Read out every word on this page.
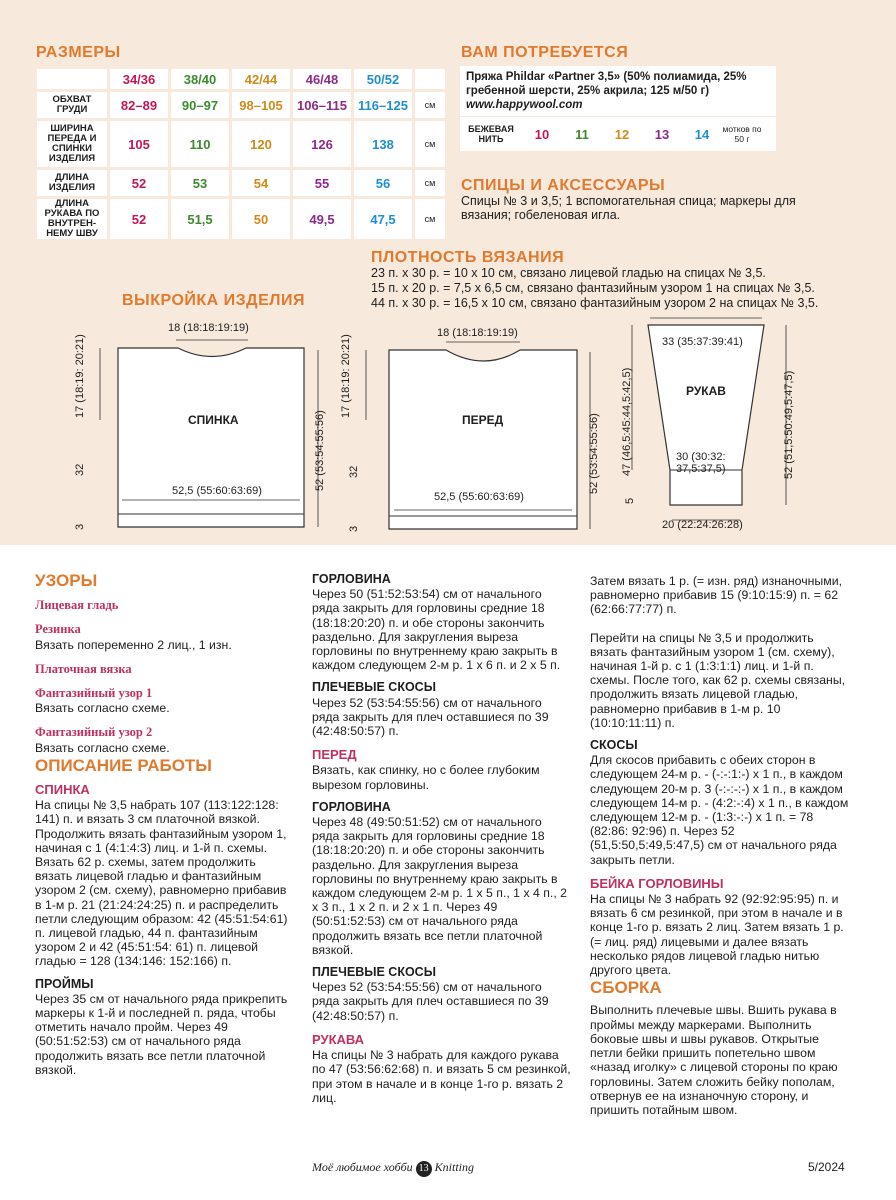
РАЗМЕРЫ
	34/36	38/40	42/44	46/48	50/52	
ОБХВАТ ГРУДИ	82–89	90–97	98–105	106–115	116–125	см
ШИРИНА ПЕРЕДА И СПИНКИ ИЗДЕЛИЯ	105	110	120	126	138	см
ДЛИНА ИЗДЕЛИЯ	52	53	54	55	56	см
ДЛИНА РУКАВА ПО ВНУТРЕН-НЕМУ ШВУ	52	51,5	50	49,5	47,5	см
ВАМ ПОТРЕБУЕТСЯ
Пряжа Phildar «Partner 3,5» (50% полиамида, 25% гребенной шерсти, 25% акрила; 125 м/50 г)
www.happywool.com
БЕЖЕВАЯ НИТЬ	10	11	12	13	14	мотков по 50 г
СПИЦЫ И АКСЕССУАРЫ
Спицы № 3 и 3,5; 1 вспомогательная спица; маркеры для вязания; гобеленовая игла.
ПЛОТНОСТЬ ВЯЗАНИЯ
23 п. х 30 р. = 10 х 10 см, связано лицевой гладью на спицах № 3,5.
15 п. х 20 р. = 7,5 х 6,5 см, связано фантазийным узором 1 на спицах № 3,5.
44 п. х 30 р. = 16,5 х 10 см, связано фантазийным узором 2 на спицах № 3,5.
ВЫКРОЙКА ИЗДЕЛИЯ
18 (18:18:19:19)
СПИНКА
52,5 (55:60:63:69)
17 (18:19: 20:21)
32
3
52 (53:54:55:56)
18 (18:18:19:19)
ПЕРЕД
52,5 (55:60:63:69)
17 (18:19: 20:21)
32
3
52 (53:54:55:56)
33 (35:37:39:41)
РУКАВ
30 (30:32: 37,5:37,5)
20 (22:24:26:28)
5
47 (46,5:45:44,5:42,5)	52 (51,5:50:49,5:47,5)
УЗОРЫ
Лицевая гладь
Резинка

Вязать попеременно 2 лиц., 1 изн.

Платочная вязка
Фантазийный узор 1

Вязать согласно схеме.

Фантазийный узор 2

Вязать согласно схеме.

ОПИСАНИЕ РАБОТЫ
СПИНКА

На спицы № 3,5 набрать 107 (113:122:128: 141) п. и вязать 3 см платочной вязкой. Продолжить вязать фантазийным узором 1, начиная с 1 (4:1:4:3) лиц. и 1-й п. схемы. Вязать 62 р. схемы, затем продолжить вязать лицевой гладью и фантазийным узором 2 (см. схему), равномерно прибавив в 1-м р. 21 (21:24:24:25) п. и распределить петли следующим образом: 42 (45:51:54:61) п. лицевой гладью, 44 п. фантазийным узором 2 и 42 (45:51:54: 61) п. лицевой гладью = 128 (134:146: 152:166) п.

ПРОЙМЫ

Через 35 см от начального ряда прикрепить маркеры к 1-й и последней п. ряда, чтобы отметить начало пройм. Через 49 (50:51:52:53) см от начального ряда продолжить вязать все петли платочной вязкой.

ГОРЛОВИНА

Через 50 (51:52:53:54) см от начального ряда закрыть для горловины средние 18 (18:18:20:20) п. и обе стороны закончить раздельно. Для закругления выреза горловины по внутреннему краю закрыть в каждом следующем 2-м р. 1 х 6 п. и 2 х 5 п.

ПЛЕЧЕВЫЕ СКОСЫ

Через 52 (53:54:55:56) см от начального ряда закрыть для плеч оставшиеся по 39 (42:48:50:57) п.

ПЕРЕД

Вязать, как спинку, но с более глубоким вырезом горловины.

ГОРЛОВИНА

Через 48 (49:50:51:52) см от начального ряда закрыть для горловины средние 18 (18:18:20:20) п. и обе стороны закончить раздельно. Для закругления выреза горловины по внутреннему краю закрыть в каждом следующем 2-м р. 1 х 5 п., 1 х 4 п., 2 х 3 п., 1 х 2 п. и 2 х 1 п. Через 49 (50:51:52:53) см от начального ряда продолжить вязать все петли платочной вязкой.

ПЛЕЧЕВЫЕ СКОСЫ

Через 52 (53:54:55:56) см от начального ряда закрыть для плеч оставшиеся по 39 (42:48:50:57) п.

РУКАВА

На спицы № 3 набрать для каждого рукава по 47 (53:56:62:68) п. и вязать 5 см резинкой, при этом в начале и в конце 1-го р. вязать 2 лиц.

Затем вязать 1 р. (= изн. ряд) изнаночными, равномерно прибавив 15 (9:10:15:9) п. = 62 (62:66:77:77) п.

Перейти на спицы № 3,5 и продолжить вязать фантазийным узором 1 (см. схему), начиная 1-й р. с 1 (1:3:1:1) лиц. и 1-й п. схемы. После того, как 62 р. схемы связаны, продолжить вязать лицевой гладью, равномерно прибавив в 1-м р. 10 (10:10:11:11) п.

СКОСЫ

Для скосов прибавить с обеих сторон в следующем 24-м р. - (-:-:1:-) х 1 п., в каждом следующем 20-м р. 3 (-:-:-:-) х 1 п., в каждом следующем 14-м р. - (4:2:-:4) х 1 п., в каждом следующем 12-м р. - (1:3:-:-) х 1 п. = 78 (82:86: 92:96) п. Через 52 (51,5:50,5:49,5:47,5) см от начального ряда закрыть петли.

БЕЙКА ГОРЛОВИНЫ

На спицы № 3 набрать 92 (92:92:95:95) п. и вязать 6 см резинкой, при этом в начале и в конце 1-го р. вязать 2 лиц. Затем вязать 1 р. (= лиц. ряд) лицевыми и далее вязать несколько рядов лицевой гладью нитью другого цвета.

СБОРКА

Выполнить плечевые швы. Вшить рукава в проймы между маркерами. Выполнить боковые швы и швы рукавов. Открытые петли бейки пришить попетельно швом «назад иголку» с лицевой стороны по краю горловины. Затем сложить бейку пополам, отвернув ее на изнаночную сторону, и пришить потайным швом.

Моё любимое хобби 13 Knitting	5/2024
